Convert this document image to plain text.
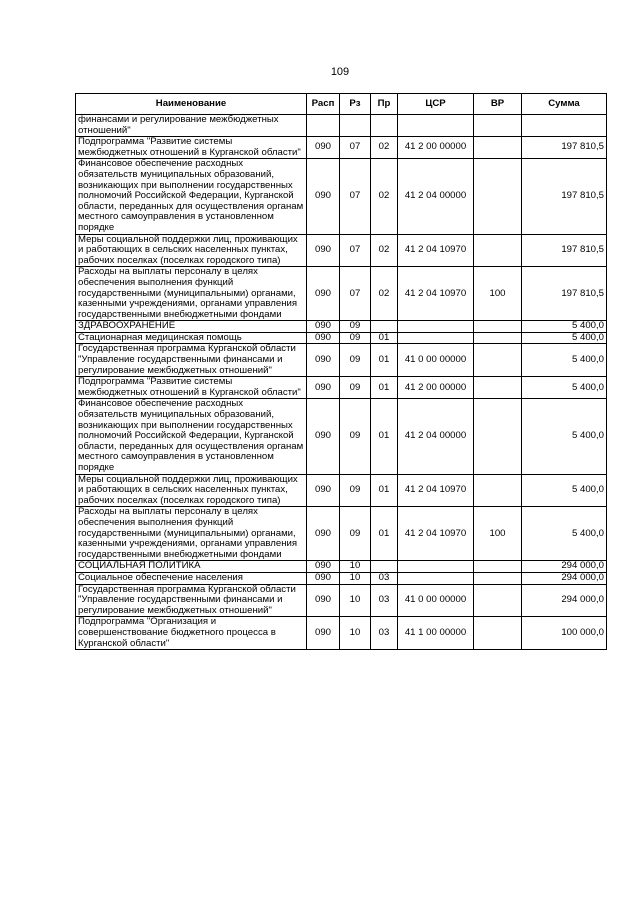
109
Наименование	Расп	Рз	Пр	ЦСР	ВР	Сумма
финансами и регулирование межбюджетных отношений"						
Подпрограмма "Развитие системы межбюджетных отношений в Курганской области"	090	07	02	41 2 00 00000		197 810,5
Финансовое обеспечение расходных обязательств муниципальных образований, возникающих при выполнении государственных полномочий Российской Федерации, Курганской области, переданных для осуществления органам местного самоуправления в установленном порядке	090	07	02	41 2 04 00000		197 810,5
Меры социальной поддержки лиц, проживающих и работающих в сельских населенных пунктах, рабочих поселках (поселках городского типа)	090	07	02	41 2 04 10970		197 810,5
Расходы на выплаты персоналу в целях обеспечения выполнения функций государственными (муниципальными) органами, казенными учреждениями, органами управления государственными внебюджетными фондами	090	07	02	41 2 04 10970	100	197 810,5
ЗДРАВООХРАНЕНИЕ	090	09				5 400,0
Стационарная медицинская помощь	090	09	01			5 400,0
Государственная программа Курганской области "Управление государственными финансами и регулирование межбюджетных отношений"	090	09	01	41 0 00 00000		5 400,0
Подпрограмма "Развитие системы межбюджетных отношений в Курганской области"	090	09	01	41 2 00 00000		5 400,0
Финансовое обеспечение расходных обязательств муниципальных образований, возникающих при выполнении государственных полномочий Российской Федерации, Курганской области, переданных для осуществления органам местного самоуправления в установленном порядке	090	09	01	41 2 04 00000		5 400,0
Меры социальной поддержки лиц, проживающих и работающих в сельских населенных пунктах, рабочих поселках (поселках городского типа)	090	09	01	41 2 04 10970		5 400,0
Расходы на выплаты персоналу в целях обеспечения выполнения функций государственными (муниципальными) органами, казенными учреждениями, органами управления государственными внебюджетными фондами	090	09	01	41 2 04 10970	100	5 400,0
СОЦИАЛЬНАЯ ПОЛИТИКА	090	10				294 000,0
Социальное обеспечение населения	090	10	03			294 000,0
Государственная программа Курганской области "Управление государственными финансами и регулирование межбюджетных отношений"	090	10	03	41 0 00 00000		294 000,0
Подпрограмма "Организация и совершенствование бюджетного процесса в Курганской области"	090	10	03	41 1 00 00000		100 000,0
